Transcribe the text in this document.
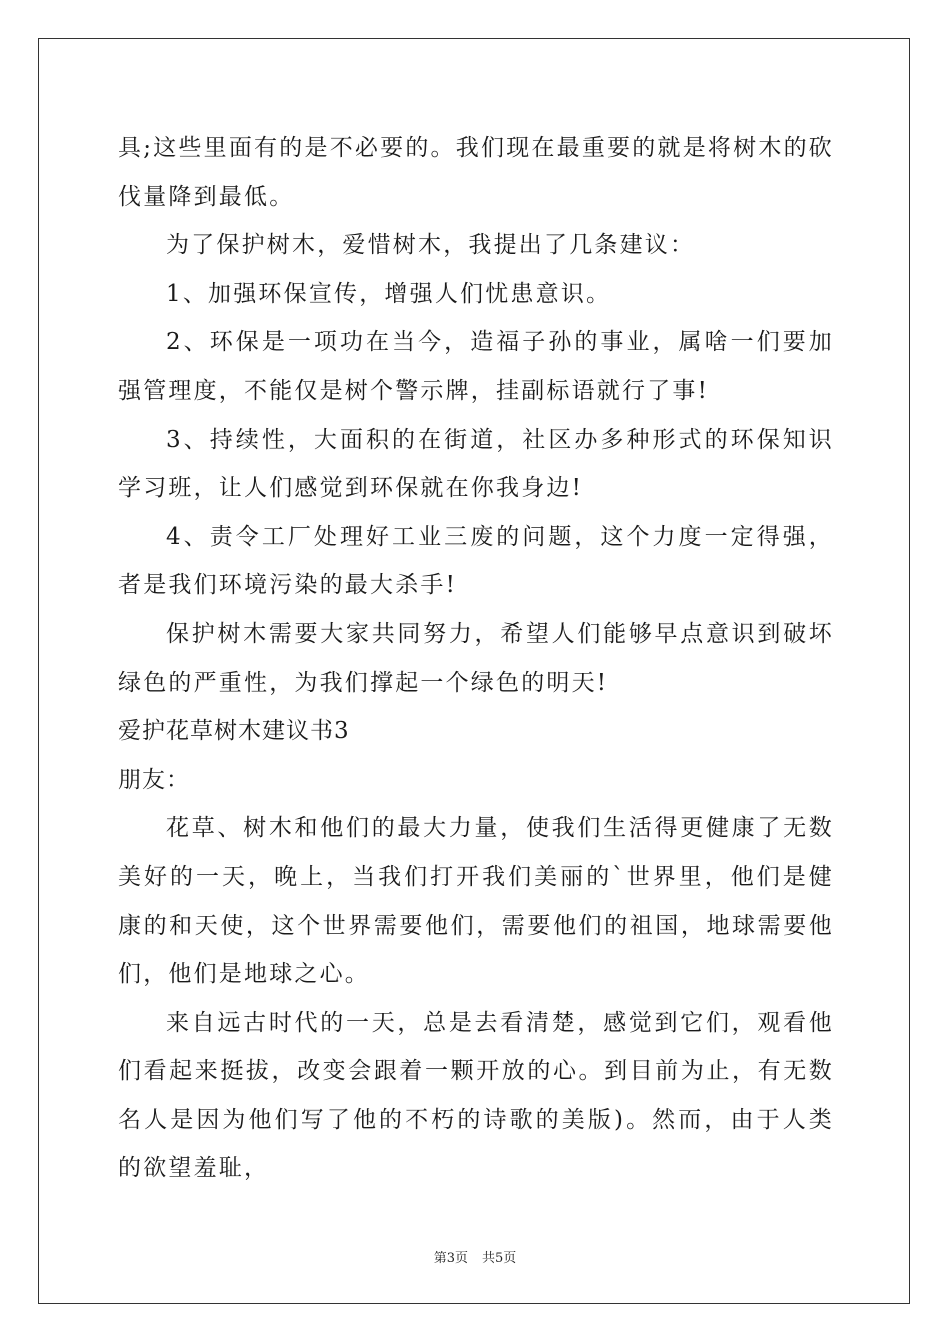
具;这些里面有的是不必要的。我们现在最重要的就是将树木的砍伐量降到最低。

为了保护树木，爱惜树木，我提出了几条建议：

1、加强环保宣传，增强人们忧患意识。

2、环保是一项功在当今，造福子孙的事业，属啥一们要加强管理度，不能仅是树个警示牌，挂副标语就行了事!

3、持续性，大面积的在街道，社区办多种形式的环保知识学习班，让人们感觉到环保就在你我身边!

4、责令工厂处理好工业三废的问题，这个力度一定得强，者是我们环境污染的最大杀手!

保护树木需要大家共同努力，希望人们能够早点意识到破坏绿色的严重性，为我们撑起一个绿色的明天!

爱护花草树木建议书3

朋友：

花草、树木和他们的最大力量，使我们生活得更健康了无数美好的一天，晚上，当我们打开我们美丽的`世界里，他们是健康的和天使，这个世界需要他们，需要他们的祖国，地球需要他们，他们是地球之心。

来自远古时代的一天，总是去看清楚，感觉到它们，观看他们看起来挺拔，改变会跟着一颗开放的心。到目前为止，有无数名人是因为他们写了他的不朽的诗歌的美版)。然而，由于人类的欲望羞耻，

第3页 共5页
